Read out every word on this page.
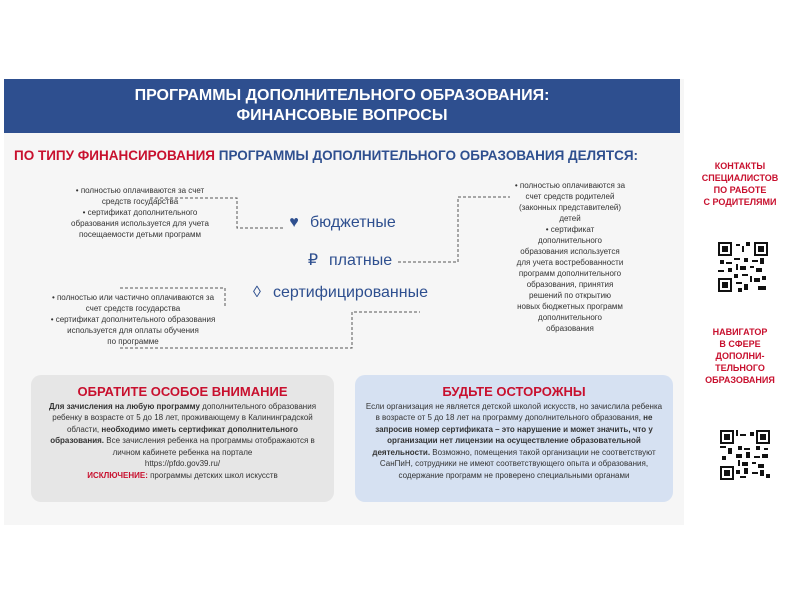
ПРОГРАММЫ ДОПОЛНИТЕЛЬНОГО ОБРАЗОВАНИЯ:
ФИНАНСОВЫЕ ВОПРОСЫ
ПО ТИПУ ФИНАНСИРОВАНИЯ ПРОГРАММЫ ДОПОЛНИТЕЛЬНОГО ОБРАЗОВАНИЯ ДЕЛЯТСЯ:
• полностью оплачиваются за счет
средств государства
• сертификат дополнительного
образования используется для учета
посещаемости детьми программ
• полностью или частично оплачиваются за
счет средств государства
• сертификат дополнительного образования
используется для оплаты обучения
по программе
• полностью оплачиваются за
счет средств родителей
(законных представителей)
детей
• сертификат
дополнительного
образования используется
для учета востребованности
программ дополнительного
образования, принятия
решений по открытию
новых бюджетных программ
дополнительного
образования
♥ бюджетные
₽ платные
◊ сертифицированные
ОБРАТИТЕ ОСОБОЕ ВНИМАНИЕ
Для зачисления на любую программу дополнительного образования ребенку в возрасте от 5 до 18 лет, проживающему в Калининградской области, необходимо иметь сертификат дополнительного образования. Все зачисления ребенка на программы отображаются в личном кабинете ребенка на портале
https://pfdo.gov39.ru/
ИСКЛЮЧЕНИЕ: программы детских школ искусств
БУДЬТЕ ОСТОРОЖНЫ
Если организация не является детской школой искусств, но зачислила ребенка в возрасте от 5 до 18 лет на программу дополнительного образования, не запросив номер сертификата – это нарушение и может значить, что у организации нет лицензии на осуществление образовательной деятельности. Возможно, помещения такой организации не соответствуют СанПиН, сотрудники не имеют соответствующего опыта и образования, содержание программ не проверено специальными органами
КОНТАКТЫ
СПЕЦИАЛИСТОВ
ПО РАБОТЕ
С РОДИТЕЛЯМИ
НАВИГАТОР
В СФЕРЕ
ДОПОЛНИ-
ТЕЛЬНОГО
ОБРАЗОВАНИЯ
